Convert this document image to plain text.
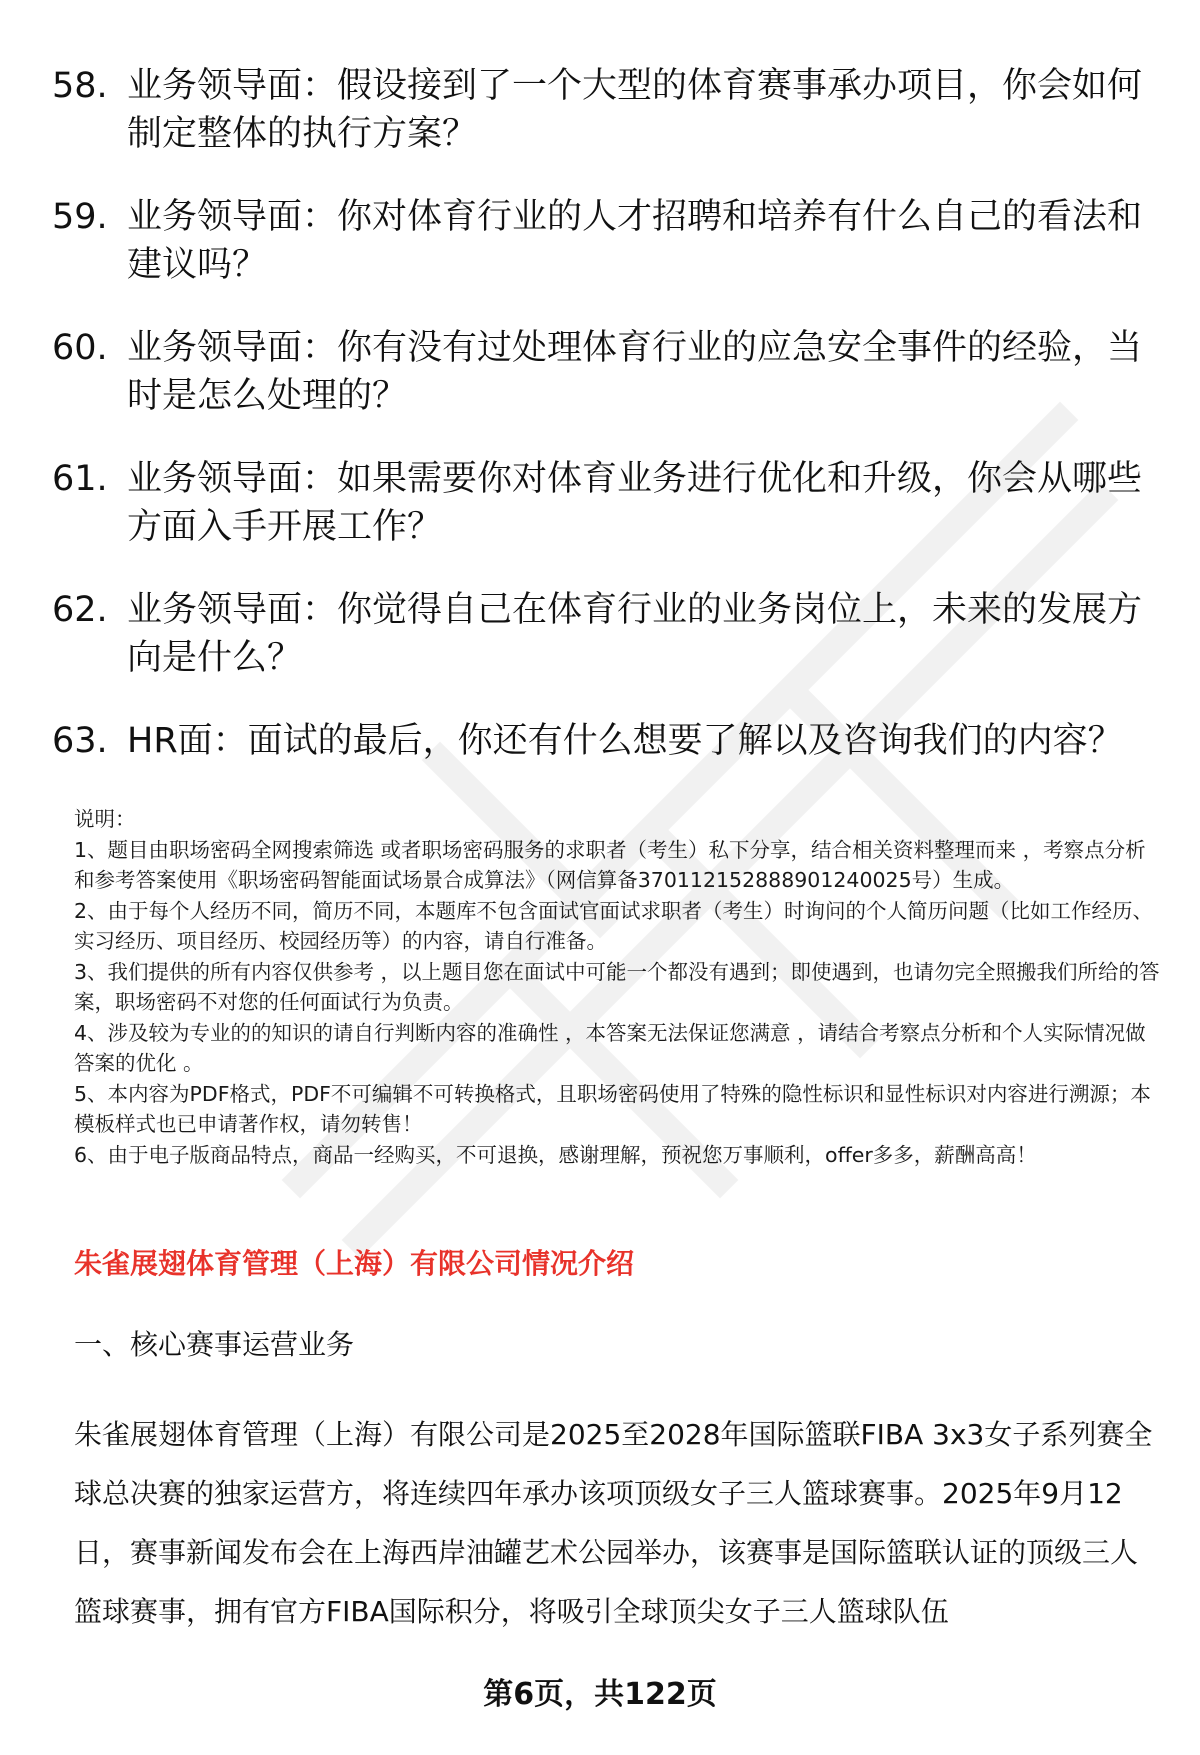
58. 业务领导面：假设接到了一个大型的体育赛事承办项目，你会如何制定整体的执行方案？
59. 业务领导面：你对体育行业的人才招聘和培养有什么自己的看法和建议吗？
60. 业务领导面：你有没有过处理体育行业的应急安全事件的经验，当时是怎么处理的？
61. 业务领导面：如果需要你对体育业务进行优化和升级，你会从哪些方面入手开展工作？
62. 业务领导面：你觉得自己在体育行业的业务岗位上，未来的发展方向是什么？
63. HR面：面试的最后，你还有什么想要了解以及咨询我们的内容？

说明：

1、题目由职场密码全网搜索筛选 或者职场密码服务的求职者（考生）私下分享，结合相关资料整理而来 ，考察点分析和参考答案使用《职场密码智能面试场景合成算法》（网信算备370112152888901240025号）生成。

2、由于每个人经历不同，简历不同，本题库不包含面试官面试求职者（考生）时询问的个人简历问题（比如工作经历、实习经历、项目经历、校园经历等）的内容，请自行准备。

3、我们提供的所有内容仅供参考 ，以上题目您在面试中可能一个都没有遇到；即使遇到，也请勿完全照搬我们所给的答案，职场密码不对您的任何面试行为负责。

4、涉及较为专业的的知识的请自行判断内容的准确性 ，本答案无法保证您满意 ，请结合考察点分析和个人实际情况做答案的优化 。

5、本内容为PDF格式，PDF不可编辑不可转换格式，且职场密码使用了特殊的隐性标识和显性标识对内容进行溯源；本模板样式也已申请著作权，请勿转售！

6、由于电子版商品特点，商品一经购买，不可退换，感谢理解，预祝您万事顺利，offer多多，薪酬高高！

朱雀展翅体育管理（上海）有限公司情况介绍
一、核心赛事运营业务

朱雀展翅体育管理（上海）有限公司是2025至2028年国际篮联FIBA 3x3女子系列赛全球总决赛的独家运营方，将连续四年承办该项顶级女子三人篮球赛事。2025年9月12日，赛事新闻发布会在上海西岸油罐艺术公园举办，该赛事是国际篮联认证的顶级三人篮球赛事，拥有官方FIBA国际积分，将吸引全球顶尖女子三人篮球队伍

第6页，共122页
